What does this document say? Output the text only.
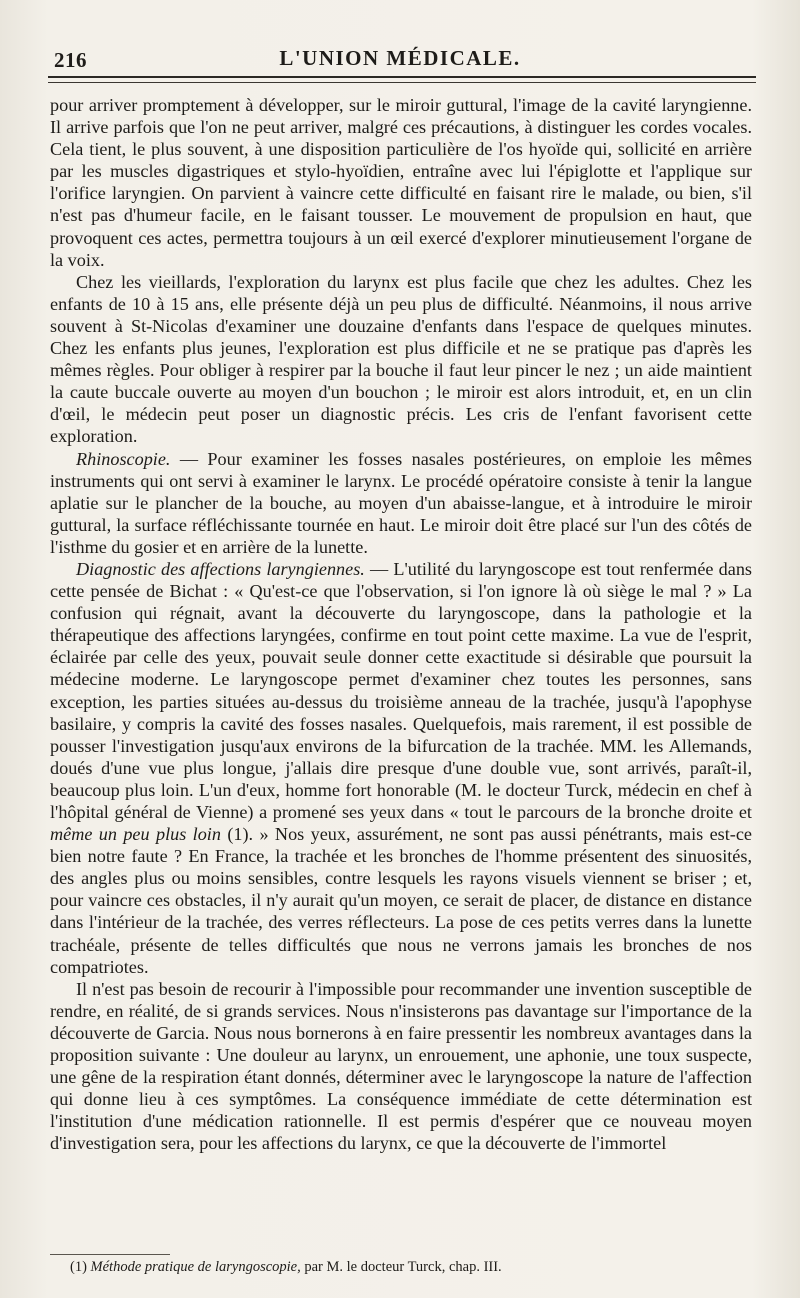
216	L'UNION MÉDICALE.

pour arriver promptement à développer, sur le miroir guttural, l'image de la cavité laryngienne. Il arrive parfois que l'on ne peut arriver, malgré ces précautions, à distinguer les cordes vocales. Cela tient, le plus souvent, à une disposition particulière de l'os hyoïde qui, sollicité en arrière par les muscles digastriques et stylo-hyoïdien, entraîne avec lui l'épiglotte et l'applique sur l'orifice laryngien. On parvient à vaincre cette difficulté en faisant rire le malade, ou bien, s'il n'est pas d'humeur facile, en le faisant tousser. Le mouvement de propulsion en haut, que provoquent ces actes, permettra toujours à un œil exercé d'explorer minutieusement l'organe de la voix.

Chez les vieillards, l'exploration du larynx est plus facile que chez les adultes. Chez les enfants de 10 à 15 ans, elle présente déjà un peu plus de difficulté. Néanmoins, il nous arrive souvent à St-Nicolas d'examiner une douzaine d'enfants dans l'espace de quelques minutes. Chez les enfants plus jeunes, l'exploration est plus difficile et ne se pratique pas d'après les mêmes règles. Pour obliger à respirer par la bouche il faut leur pincer le nez ; un aide maintient la caute buccale ouverte au moyen d'un bouchon ; le miroir est alors introduit, et, en un clin d'œil, le médecin peut poser un diagnostic précis. Les cris de l'enfant favorisent cette exploration.

Rhinoscopie. — Pour examiner les fosses nasales postérieures, on emploie les mêmes instruments qui ont servi à examiner le larynx. Le procédé opératoire consiste à tenir la langue aplatie sur le plancher de la bouche, au moyen d'un abaisse-langue, et à introduire le miroir guttural, la surface réfléchissante tournée en haut. Le miroir doit être placé sur l'un des côtés de l'isthme du gosier et en arrière de la lunette.

Diagnostic des affections laryngiennes. — L'utilité du laryngoscope est tout renfermée dans cette pensée de Bichat : « Qu'est-ce que l'observation, si l'on ignore là où siège le mal ? » La confusion qui régnait, avant la découverte du laryngoscope, dans la pathologie et la thérapeutique des affections laryngées, confirme en tout point cette maxime. La vue de l'esprit, éclairée par celle des yeux, pouvait seule donner cette exactitude si désirable que poursuit la médecine moderne. Le laryngoscope permet d'examiner chez toutes les personnes, sans exception, les parties situées au-dessus du troisième anneau de la trachée, jusqu'à l'apophyse basilaire, y compris la cavité des fosses nasales. Quelquefois, mais rarement, il est possible de pousser l'investigation jusqu'aux environs de la bifurcation de la trachée. MM. les Allemands, doués d'une vue plus longue, j'allais dire presque d'une double vue, sont arrivés, paraît-il, beaucoup plus loin. L'un d'eux, homme fort honorable (M. le docteur Turck, médecin en chef à l'hôpital général de Vienne) a promené ses yeux dans « tout le parcours de la bronche droite et même un peu plus loin (1). » Nos yeux, assurément, ne sont pas aussi pénétrants, mais est-ce bien notre faute ? En France, la trachée et les bronches de l'homme présentent des sinuosités, des angles plus ou moins sensibles, contre lesquels les rayons visuels viennent se briser ; et, pour vaincre ces obstacles, il n'y aurait qu'un moyen, ce serait de placer, de distance en distance dans l'intérieur de la trachée, des verres réflecteurs. La pose de ces petits verres dans la lunette trachéale, présente de telles difficultés que nous ne verrons jamais les bronches de nos compatriotes.

Il n'est pas besoin de recourir à l'impossible pour recommander une invention susceptible de rendre, en réalité, de si grands services. Nous n'insisterons pas davantage sur l'importance de la découverte de Garcia. Nous nous bornerons à en faire pressentir les nombreux avantages dans la proposition suivante : Une douleur au larynx, un enrouement, une aphonie, une toux suspecte, une gêne de la respiration étant donnés, déterminer avec le laryngoscope la nature de l'affection qui donne lieu à ces symptômes. La conséquence immédiate de cette détermination est l'institution d'une médication rationnelle. Il est permis d'espérer que ce nouveau moyen d'investigation sera, pour les affections du larynx, ce que la découverte de l'immortel

(1) Méthode pratique de laryngoscopie, par M. le docteur Turck, chap. III.
